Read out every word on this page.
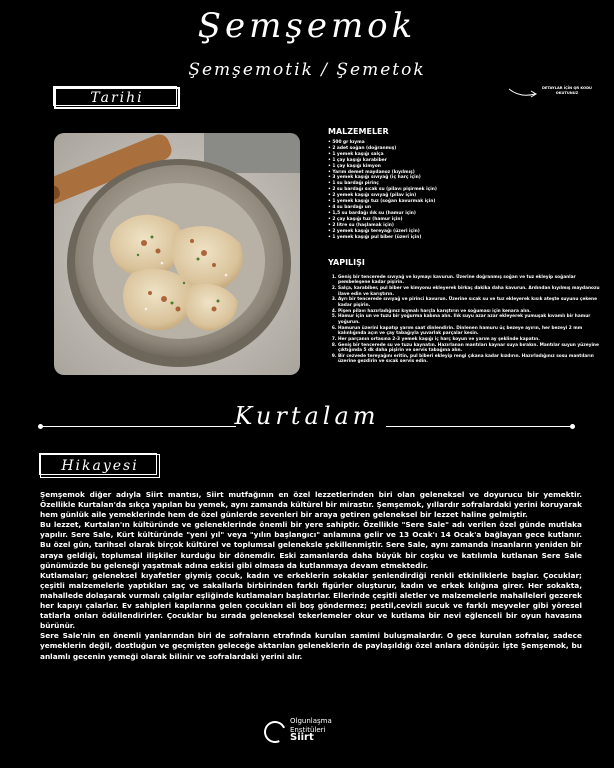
Şemşemok
Şemşemotik / Şemetok
DETAYLAR İÇİN QR KODU OKUTUNUZ
Tarihi
MALZEMELER
• 500 gr kıyma
• 2 adet soğan (doğranmış)
• 1 yemek kaşığı salça
• 1 çay kaşığı karabiber
• 1 çay kaşığı kimyon
• Yarım demet maydanoz (kıyılmış)
• 3 yemek kaşığı sıvıyağ (iç harç için)
• 1 su bardağı pirinç
• 2 su bardağı sıcak su (pilavı pişirmek için)
• 2 yemek kaşığı sıvıyağ (pilav için)
• 1 yemek kaşığı tuz (soğan kavurmak için)
• 4 su bardağı un
• 1,5 su bardağı ılık su (hamur için)
• 2 çay kaşığı tuz (hamur için)
• 2 litre su (haşlamak için)
• 2 yemek kaşığı tereyağı (üzeri için)
• 1 yemek kaşığı pul biber (üzeri için)
YAPILIŞI
1. Geniş bir tencerede sıvıyağ ve kıymayı kavurun. Üzerine doğranmış soğan ve tuz ekleyip soğanlar pembeleşene kadar pişirin.
2. Salça, karabiber, pul biber ve kimyonu ekleyerek birkaç dakika daha kavurun. Ardından kıyılmış maydanozu ilave edin ve karıştırın.
3. Ayrı bir tencerede sıvıyağ ve pirinci kavurun. Üzerine sıcak su ve tuz ekleyerek kısık ateşte suyunu çekene kadar pişirin.
4. Pişen pilavı hazırladığınız kıymalı harçla karıştırın ve soğuması için kenara alın.
5. Hamur için un ve tuzu bir yoğurma kabına alın. Ilık suyu azar azar ekleyerek yumuşak kıvamlı bir hamur yoğurun.
6. Hamurun üzerini kapatıp yarım saat dinlendirin. Dinlenen hamuru üç bezeye ayırın, her bezeyi 2 mm kalınlığında açın ve çay tabağıyla yuvarlak parçalar kesin.
7. Her parçanın ortasına 2-3 yemek kaşığı iç harç koyun ve yarım ay şeklinde kapatın.
8. Geniş bir tencerede su ve tuzu kaynatın. Hazırlanan mantıları kaynar suya bırakın. Mantılar suyun yüzeyine çıktığında 5 dk daha pişirin ve servis tabağına alın.
9. Bir cezvede tereyağını eritin, pul biberi ekleyip rengi çıkana kadar kızdırın. Hazırladığınız sosu mantıların üzerine gezdirin ve sıcak servis edin.
Kurtalam
Hikayesi

Şemşemok diğer adıyla Siirt mantısı, Siirt mutfağının en özel lezzetlerinden biri olan geleneksel ve doyurucu bir yemektir. Özellikle Kurtalan'da sıkça yapılan bu yemek, aynı zamanda kültürel bir mirastır. Şemşemok, yıllardır sofralardaki yerini koruyarak hem günlük aile yemeklerinde hem de özel günlerde sevenleri bir araya getiren geleneksel bir lezzet haline gelmiştir.

Bu lezzet, Kurtalan'ın kültüründe ve geleneklerinde önemli bir yere sahiptir. Özellikle "Sere Sale" adı verilen özel günde mutlaka yapılır. Sere Sale, Kürt kültüründe "yeni yıl" veya "yılın başlangıcı" anlamına gelir ve 13 Ocak'ı 14 Ocak'a bağlayan gece kutlanır. Bu özel gün, tarihsel olarak birçok kültürel ve toplumsal geleneksle şekillenmiştir. Sere Sale, aynı zamanda insanların yeniden bir araya geldiği, toplumsal ilişkiler kurduğu bir dönemdir. Eski zamanlarda daha büyük bir coşku ve katılımla kutlanan Sere Sale günümüzde bu geleneği yaşatmak adına eskisi gibi olmasa da kutlanmaya devam etmektedir.

Kutlamalar; geleneksel kıyafetler giymiş çocuk, kadın ve erkeklerin sokaklar şenlendirdiği renkli etkinliklerle başlar. Çocuklar; çeşitli malzemelerle yaptıkları saç ve sakallarla birbirinden farklı figürler oluşturur, kadın ve erkek kılığına girer. Her sokakta, mahallede dolaşarak vurmalı çalgılar eşliğinde kutlamaları başlatırlar. Ellerinde çeşitli aletler ve malzemelerle mahalleleri gezerek her kapıyı çalarlar. Ev sahipleri kapılarına gelen çocukları eli boş göndermez; pestil,cevizli sucuk ve farklı meyveler gibi yöresel tatlarla onları ödüllendirirler. Çocuklar bu sırada geleneksel tekerlemeler okur ve kutlama bir nevi eğlenceli bir oyun havasına bürünür.

Sere Sale'nin en önemli yanlarından biri de sofraların etrafında kurulan samimi buluşmalardır. O gece kurulan sofralar, sadece yemeklerin değil, dostluğun ve geçmişten geleceğe aktarılan geleneklerin de paylaşıldığı özel anlara dönüşür. İşte Şemşemok, bu anlamlı gecenin yemeği olarak bilinir ve sofralardaki yerini alır.

Olgunlaşma
Enstitüleri
Siirt
